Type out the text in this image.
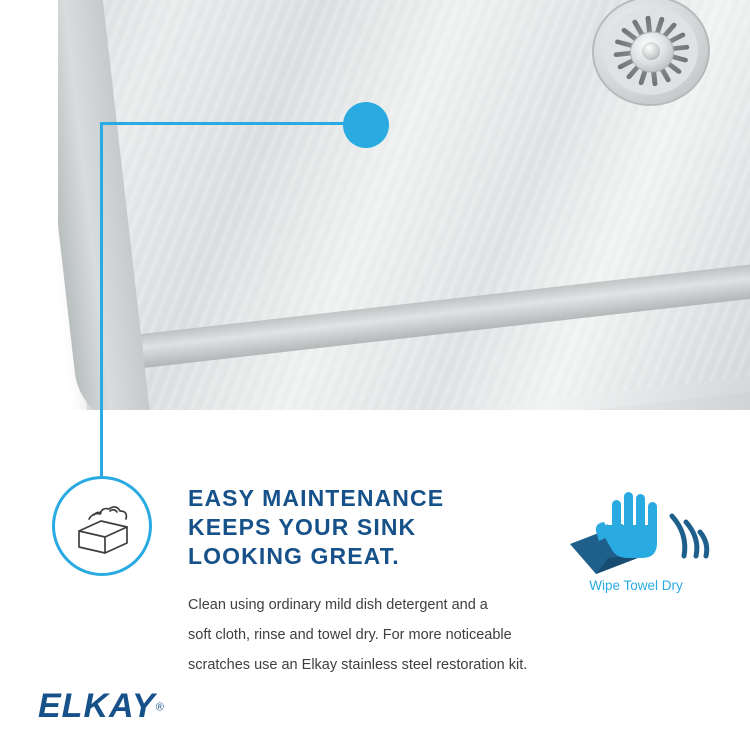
EASY MAINTENANCE
KEEPS YOUR SINK
LOOKING GREAT.
Clean using ordinary mild dish detergent and a
soft cloth, rinse and towel dry. For more noticeable
scratches use an Elkay stainless steel restoration kit.
Wipe Towel Dry
ELKAY®
